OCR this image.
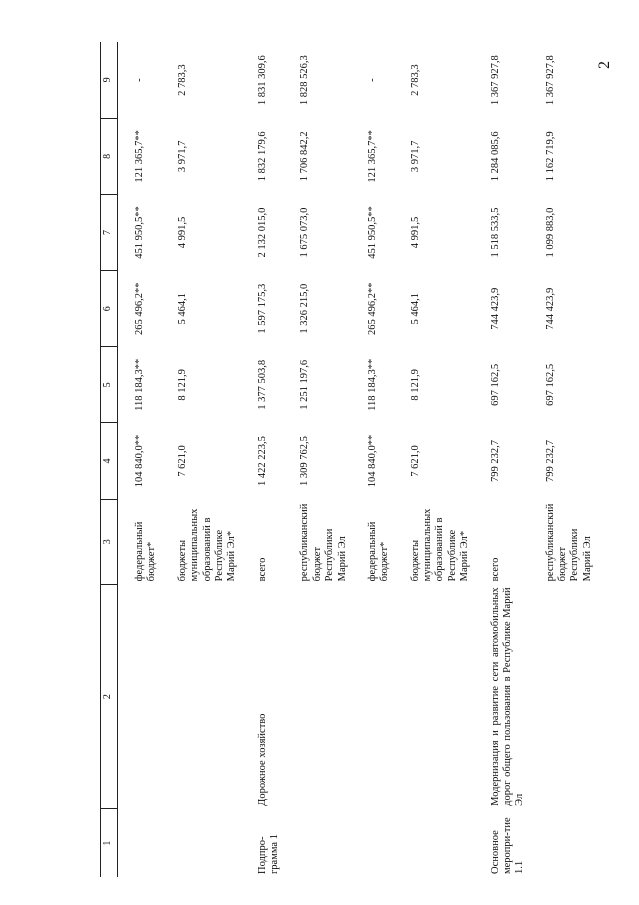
2
1	2	3	4	5	6	7	8	9

		федеральный бюджет*	104 840,0**	118 184,3**	265 496,2**	451 950,5**	121 365,7**	-

		бюджеты муниципальных образований в Республике Марий Эл*	7 621,0	8 121,9	5 464,1	4 991,5	3 971,7	2 783,3

Подпро-грамма 1	Дорожное хозяйство	всего	1 422 223,5	1 377 503,8	1 597 175,3	2 132 015,0	1 832 179,6	1 831 309,6

		республиканский бюджет Республики Марий Эл	1 309 762,5	1 251 197,6	1 326 215,0	1 675 073,0	1 706 842,2	1 828 526,3

		федеральный бюджет*	104 840,0**	118 184,3**	265 496,2**	451 950,5**	121 365,7**	-

		бюджеты муниципальных образований в Республике Марий Эл*	7 621,0	8 121,9	5 464,1	4 991,5	3 971,7	2 783,3

Основное меропри-тие 1.1	Модернизация и развитие сети автомобильных дорог общего пользования в Республике Марий Эл	всего	799 232,7	697 162,5	744 423,9	1 518 533,5	1 284 085,6	1 367 927,8

		республиканский бюджет Республики Марий Эл	799 232,7	697 162,5	744 423,9	1 099 883,0	1 162 719,9	1 367 927,8
